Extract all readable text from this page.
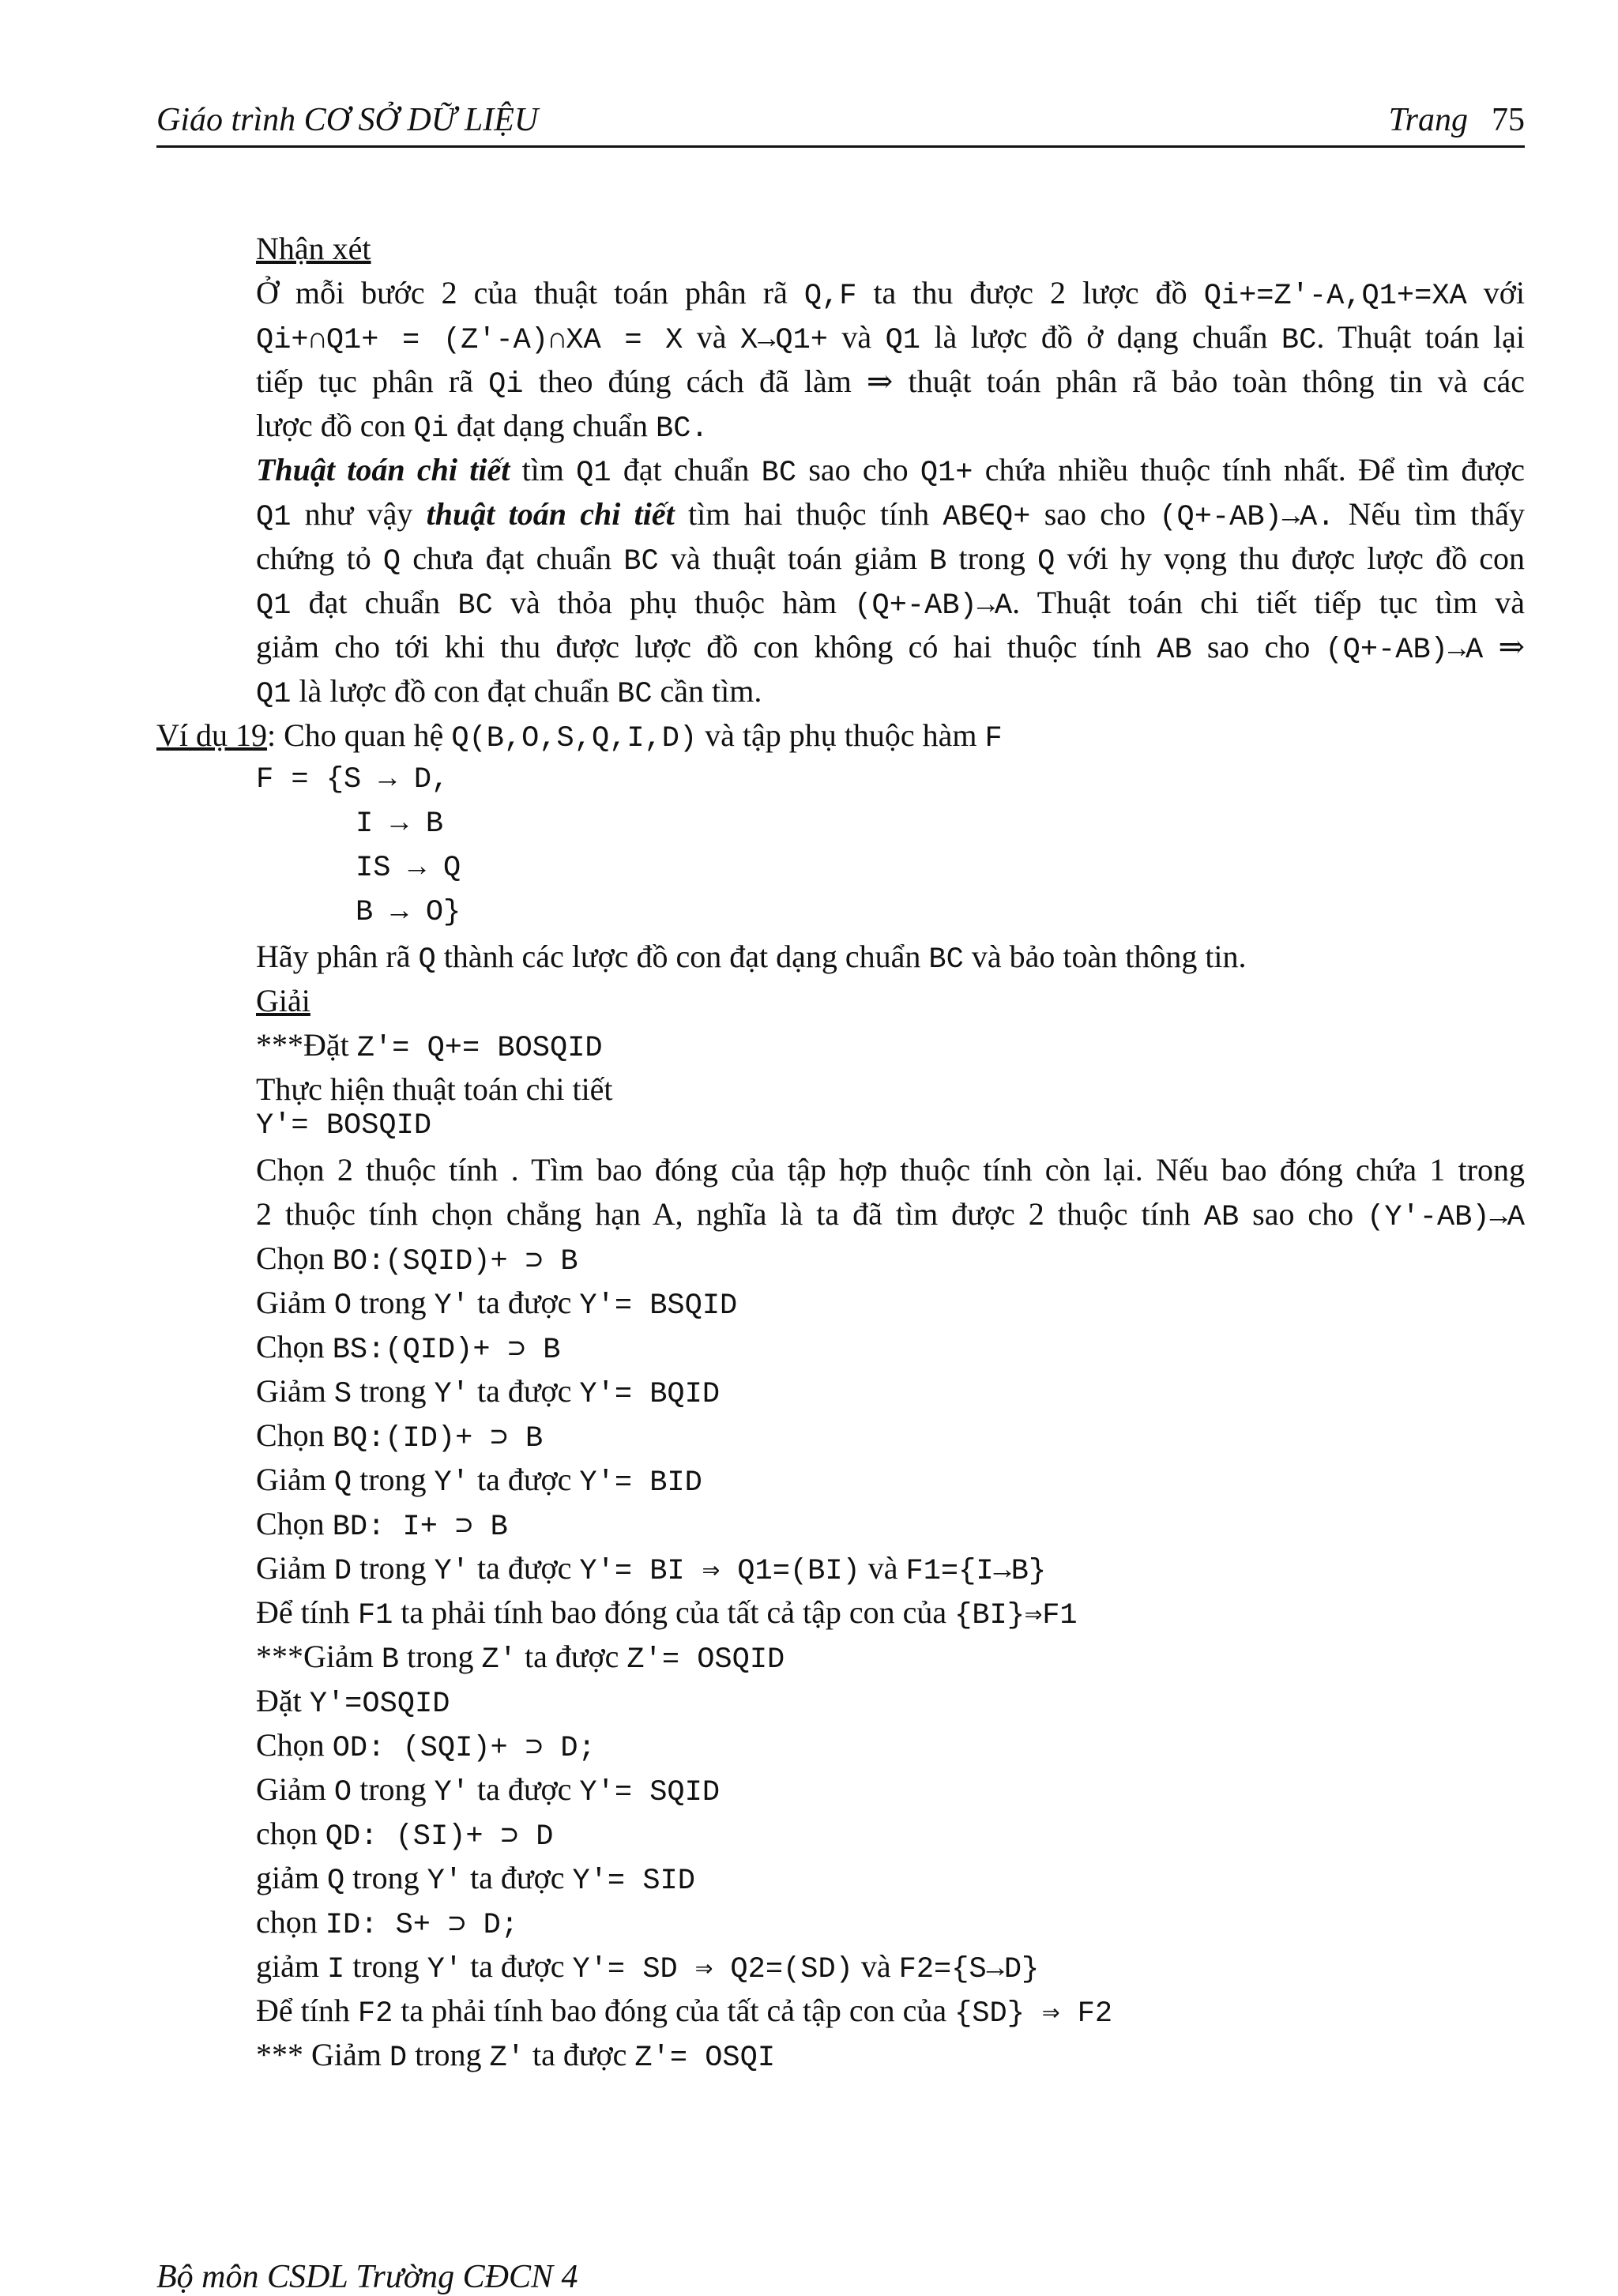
Giáo trình CƠ SỞ DỮ LIỆU	Trang 75
Nhận xét
Ở mỗi bước 2 của thuật toán phân rã Q,F ta thu được 2 lược đồ Qi+=Z′-A,Q1+=XA với
Qi+∩Q1+ = (Z′-A)∩XA = X và X→Q1+ và Q1 là lược đồ ở dạng chuẩn BC. Thuật toán lại
tiếp tục phân rã Qi theo đúng cách đã làm ⇒ thuật toán phân rã bảo toàn thông tin và các
lược đồ con Qi đạt dạng chuẩn BC.
Thuật toán chi tiết tìm Q1 đạt chuẩn BC sao cho Q1+ chứa nhiều thuộc tính nhất. Để tìm được
Q1 như vậy thuật toán chi tiết tìm hai thuộc tính AB∈Q+ sao cho (Q+-AB)→A. Nếu tìm thấy
chứng tỏ Q chưa đạt chuẩn BC và thuật toán giảm B trong Q với hy vọng thu được lược đồ con
Q1 đạt chuẩn BC và thỏa phụ thuộc hàm (Q+-AB)→A. Thuật toán chi tiết tiếp tục tìm và
giảm cho tới khi thu được lược đồ con không có hai thuộc tính AB sao cho (Q+-AB)→A ⇒
Q1 là lược đồ con đạt chuẩn BC cần tìm.
Ví dụ 19: Cho quan hệ Q(B,O,S,Q,I,D) và tập phụ thuộc hàm F
F = {S → D,
I → B
IS → Q
B → O}
Hãy phân rã Q thành các lược đồ con đạt dạng chuẩn BC và bảo toàn thông tin.
Giải
***Đặt Z′= Q+= BOSQID
Thực hiện thuật toán chi tiết
Y′= BOSQID
Chọn 2 thuộc tính . Tìm bao đóng của tập hợp thuộc tính còn lại. Nếu bao đóng chứa 1 trong
2 thuộc tính chọn chẳng hạn A, nghĩa là ta đã tìm được 2 thuộc tính AB sao cho (Y′-AB)→A
Chọn BO:(SQID)+ ⊃ B
Giảm O trong Y′ ta được Y′= BSQID
Chọn BS:(QID)+ ⊃ B
Giảm S trong Y′ ta được Y′= BQID
Chọn BQ:(ID)+ ⊃ B
Giảm Q trong Y′ ta được Y′= BID
Chọn BD: I+ ⊃ B
Giảm D trong Y′ ta được Y′= BI ⇒ Q1=(BI) và F1={I→B}
Để tính F1 ta phải tính bao đóng của tất cả tập con của {BI}⇒F1
***Giảm B trong Z′ ta được Z′= OSQID
Đặt Y′=OSQID
Chọn OD: (SQI)+ ⊃ D;
Giảm O trong Y′ ta được Y′= SQID
chọn QD: (SI)+ ⊃ D
giảm Q trong Y′ ta được Y′= SID
chọn ID: S+ ⊃ D;
giảm I trong Y′ ta được Y′= SD ⇒ Q2=(SD) và F2={S→D}
Để tính F2 ta phải tính bao đóng của tất cả tập con của {SD} ⇒ F2
*** Giảm D trong Z′ ta được Z′= OSQI
Bộ môn CSDL Trường CĐCN 4
